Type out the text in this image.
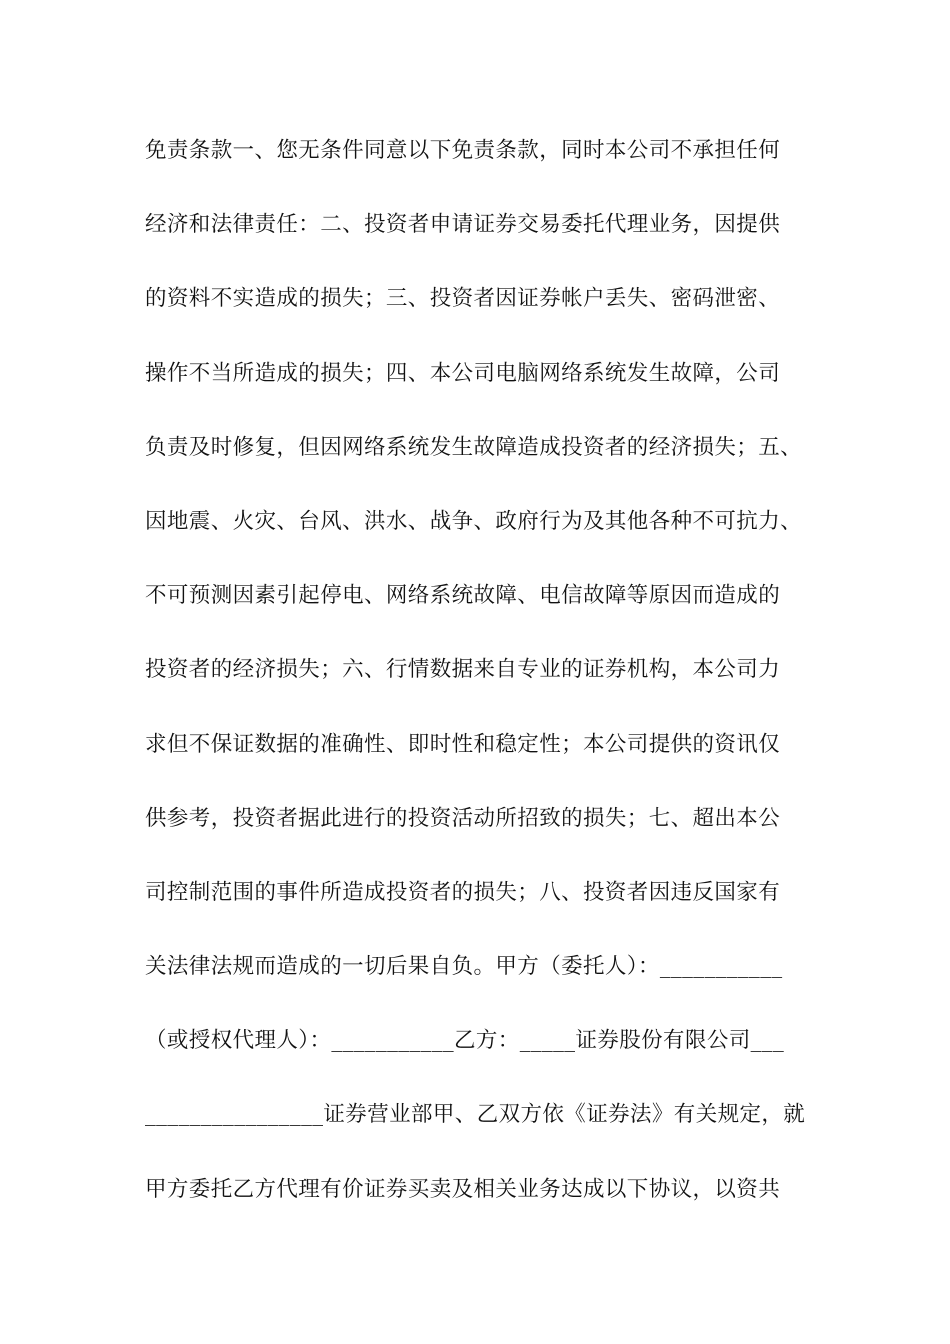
免责条款一、您无条件同意以下免责条款，同时本公司不承担任何
经济和法律责任：二、投资者申请证券交易委托代理业务，因提供
的资料不实造成的损失；三、投资者因证券帐户丢失、密码泄密、
操作不当所造成的损失；四、本公司电脑网络系统发生故障，公司
负责及时修复，但因网络系统发生故障造成投资者的经济损失；五、
因地震、火灾、台风、洪水、战争、政府行为及其他各种不可抗力、
不可预测因素引起停电、网络系统故障、电信故障等原因而造成的
投资者的经济损失；六、行情数据来自专业的证券机构，本公司力
求但不保证数据的准确性、即时性和稳定性；本公司提供的资讯仅
供参考，投资者据此进行的投资活动所招致的损失；七、超出本公
司控制范围的事件所造成投资者的损失；八、投资者因违反国家有
关法律法规而造成的一切后果自负。甲方（委托人）：___________
（或授权代理人）：___________乙方：_____证券股份有限公司___
________________证券营业部甲、乙双方依《证券法》有关规定，就
甲方委托乙方代理有价证券买卖及相关业务达成以下协议，以资共
